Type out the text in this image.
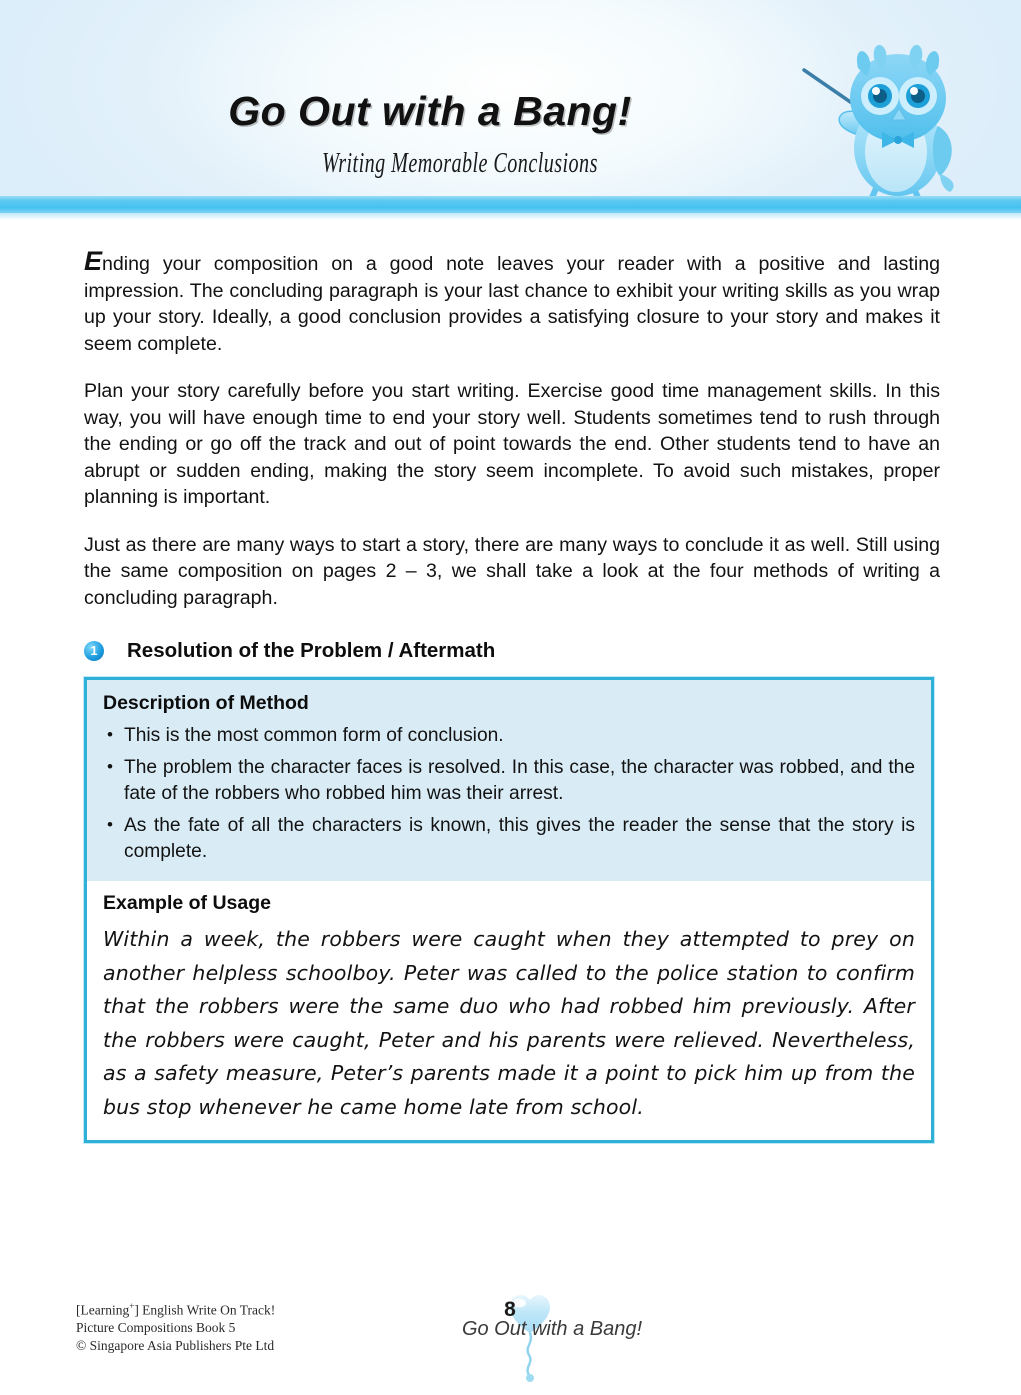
Go Out with a Bang!
Writing Memorable Conclusions

Ending your composition on a good note leaves your reader with a positive and lasting impression. The concluding paragraph is your last chance to exhibit your writing skills as you wrap up your story. Ideally, a good conclusion provides a satisfying closure to your story and makes it seem complete.

Plan your story carefully before you start writing. Exercise good time management skills. In this way, you will have enough time to end your story well. Students sometimes tend to rush through the ending or go off the track and out of point towards the end. Other students tend to have an abrupt or sudden ending, making the story seem incomplete. To avoid such mistakes, proper planning is important.

Just as there are many ways to start a story, there are many ways to conclude it as well. Still using the same composition on pages 2 – 3, we shall take a look at the four methods of writing a concluding paragraph.

1	Resolution of the Problem / Aftermath
Description of Method
• This is the most common form of conclusion.
• The problem the character faces is resolved. In this case, the character was robbed, and the fate of the robbers who robbed him was their arrest.
• As the fate of all the characters is known, this gives the reader the sense that the story is complete.
Example of Usage

Within a week, the robbers were caught when they attempted to prey on another helpless schoolboy. Peter was called to the police station to confirm that the robbers were the same duo who had robbed him previously. After the robbers were caught, Peter and his parents were relieved. Nevertheless, as a safety measure, Peter’s parents made it a point to pick him up from the bus stop whenever he came home late from school.

[Learning+] English Write On Track!
Picture Compositions Book 5
© Singapore Asia Publishers Pte Ltd
8
Go Out with a Bang!
